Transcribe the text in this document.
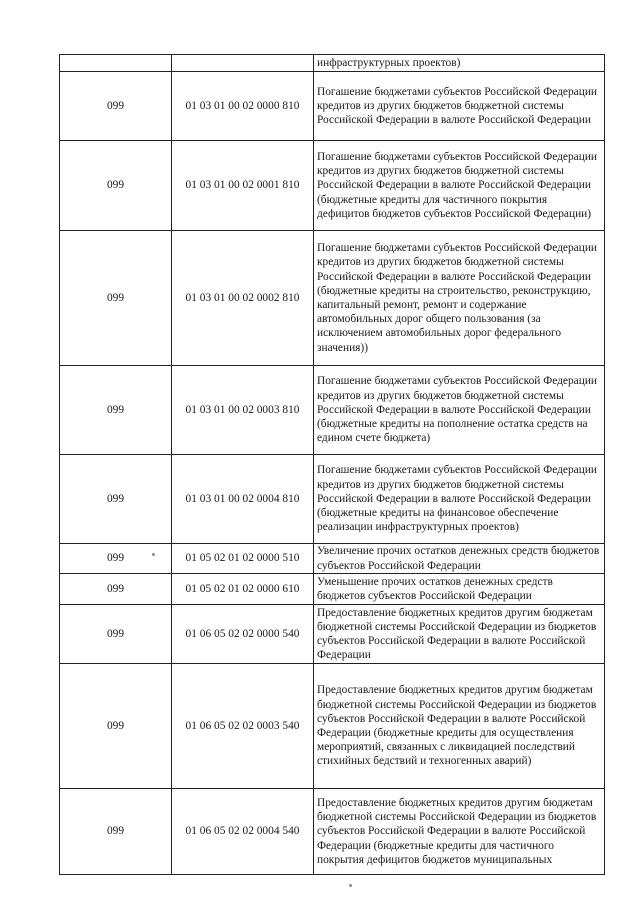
		инфраструктурных проектов)
099	01 03 01 00 02 0000 810	Погашение бюджетами субъектов Российской Федерации кредитов из других бюджетов бюджетной системы Российской Федерации в валюте Российской Федерации
099	01 03 01 00 02 0001 810	Погашение бюджетами субъектов Российской Федерации кредитов из других бюджетов бюджетной системы Российской Федерации в валюте Российской Федерации (бюджетные кредиты для частичного покрытия дефицитов бюджетов субъектов Российской Федерации)
099	01 03 01 00 02 0002 810	Погашение бюджетами субъектов Российской Федерации кредитов из других бюджетов бюджетной системы Российской Федерации в валюте Российской Федерации (бюджетные кредиты на строительство, реконструкцию, капитальный ремонт, ремонт и содержание автомобильных дорог общего пользования (за исключением автомобильных дорог федерального значения))
099	01 03 01 00 02 0003 810	Погашение бюджетами субъектов Российской Федерации кредитов из других бюджетов бюджетной системы Российской Федерации в валюте Российской Федерации (бюджетные кредиты на пополнение остатка средств на едином счете бюджета)
099	01 03 01 00 02 0004 810	Погашение бюджетами субъектов Российской Федерации кредитов из других бюджетов бюджетной системы Российской Федерации в валюте Российской Федерации (бюджетные кредиты на финансовое обеспечение реализации инфраструктурных проектов)
099	01 05 02 01 02 0000 510	Увеличение прочих остатков денежных средств бюджетов субъектов Российской Федерации
099	01 05 02 01 02 0000 610	Уменьшение прочих остатков денежных средств бюджетов субъектов Российской Федерации
099	01 06 05 02 02 0000 540	Предоставление бюджетных кредитов другим бюджетам бюджетной системы Российской Федерации из бюджетов субъектов Российской Федерации в валюте Российской Федерации
099	01 06 05 02 02 0003 540	Предоставление бюджетных кредитов другим бюджетам бюджетной системы Российской Федерации из бюджетов субъектов Российской Федерации в валюте Российской Федерации (бюджетные кредиты для осуществления мероприятий, связанных с ликвидацией последствий стихийных бедствий и техногенных аварий)
099	01 06 05 02 02 0004 540	Предоставление бюджетных кредитов другим бюджетам бюджетной системы Российской Федерации из бюджетов субъектов Российской Федерации в валюте Российской Федерации (бюджетные кредиты для частичного покрытия дефицитов бюджетов муниципальных
